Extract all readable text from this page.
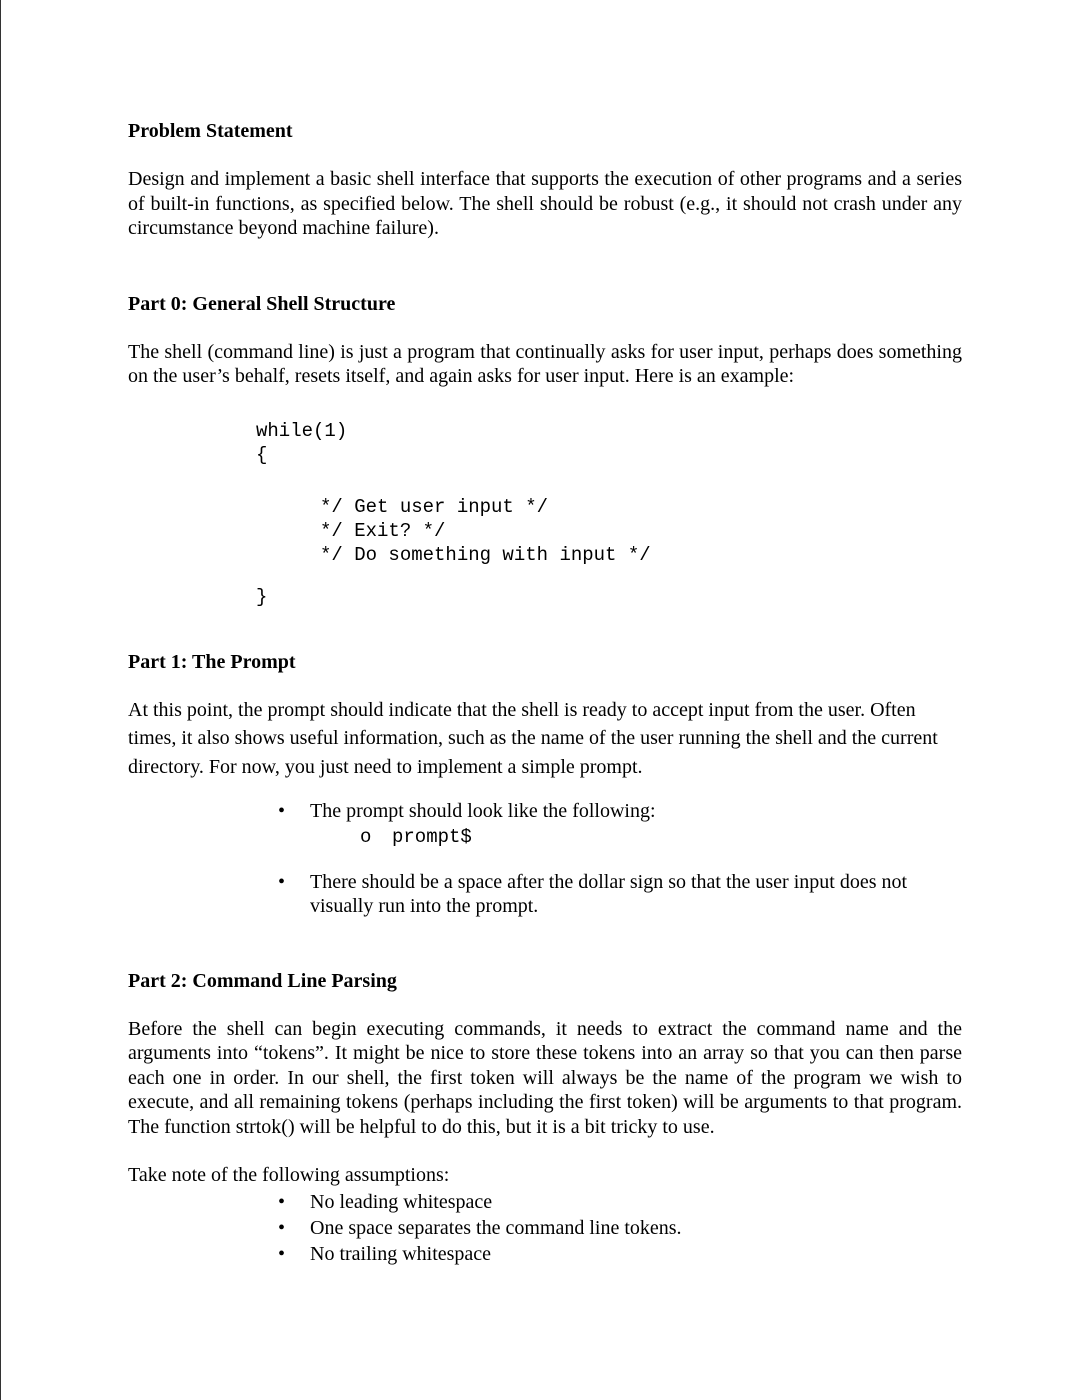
Problem Statement

Design and implement a basic shell interface that supports the execution of other programs and a series of built-in functions, as specified below. The shell should be robust (e.g., it should not crash under any circumstance beyond machine failure).

Part 0: General Shell Structure

The shell (command line) is just a program that continually asks for user input, perhaps does something on the user’s behalf, resets itself, and again asks for user input. Here is an example:

while(1)
{
*/ Get user input */
*/ Exit? */
*/ Do something with input */
}
Part 1: The Prompt

At this point, the prompt should indicate that the shell is ready to accept input from the user. Often times, it also shows useful information, such as the name of the user running the shell and the current directory. For now, you just need to implement a simple prompt.

• The prompt should look like the following:
o	prompt$
• There should be a space after the dollar sign so that the user input does not visually run into the prompt.
Part 2: Command Line Parsing

Before the shell can begin executing commands, it needs to extract the command name and the arguments into “tokens”. It might be nice to store these tokens into an array so that you can then parse each one in order. In our shell, the first token will always be the name of the program we wish to execute, and all remaining tokens (perhaps including the first token) will be arguments to that program. The function strtok() will be helpful to do this, but it is a bit tricky to use.

Take note of the following assumptions:

• No leading whitespace
• One space separates the command line tokens.
• No trailing whitespace
